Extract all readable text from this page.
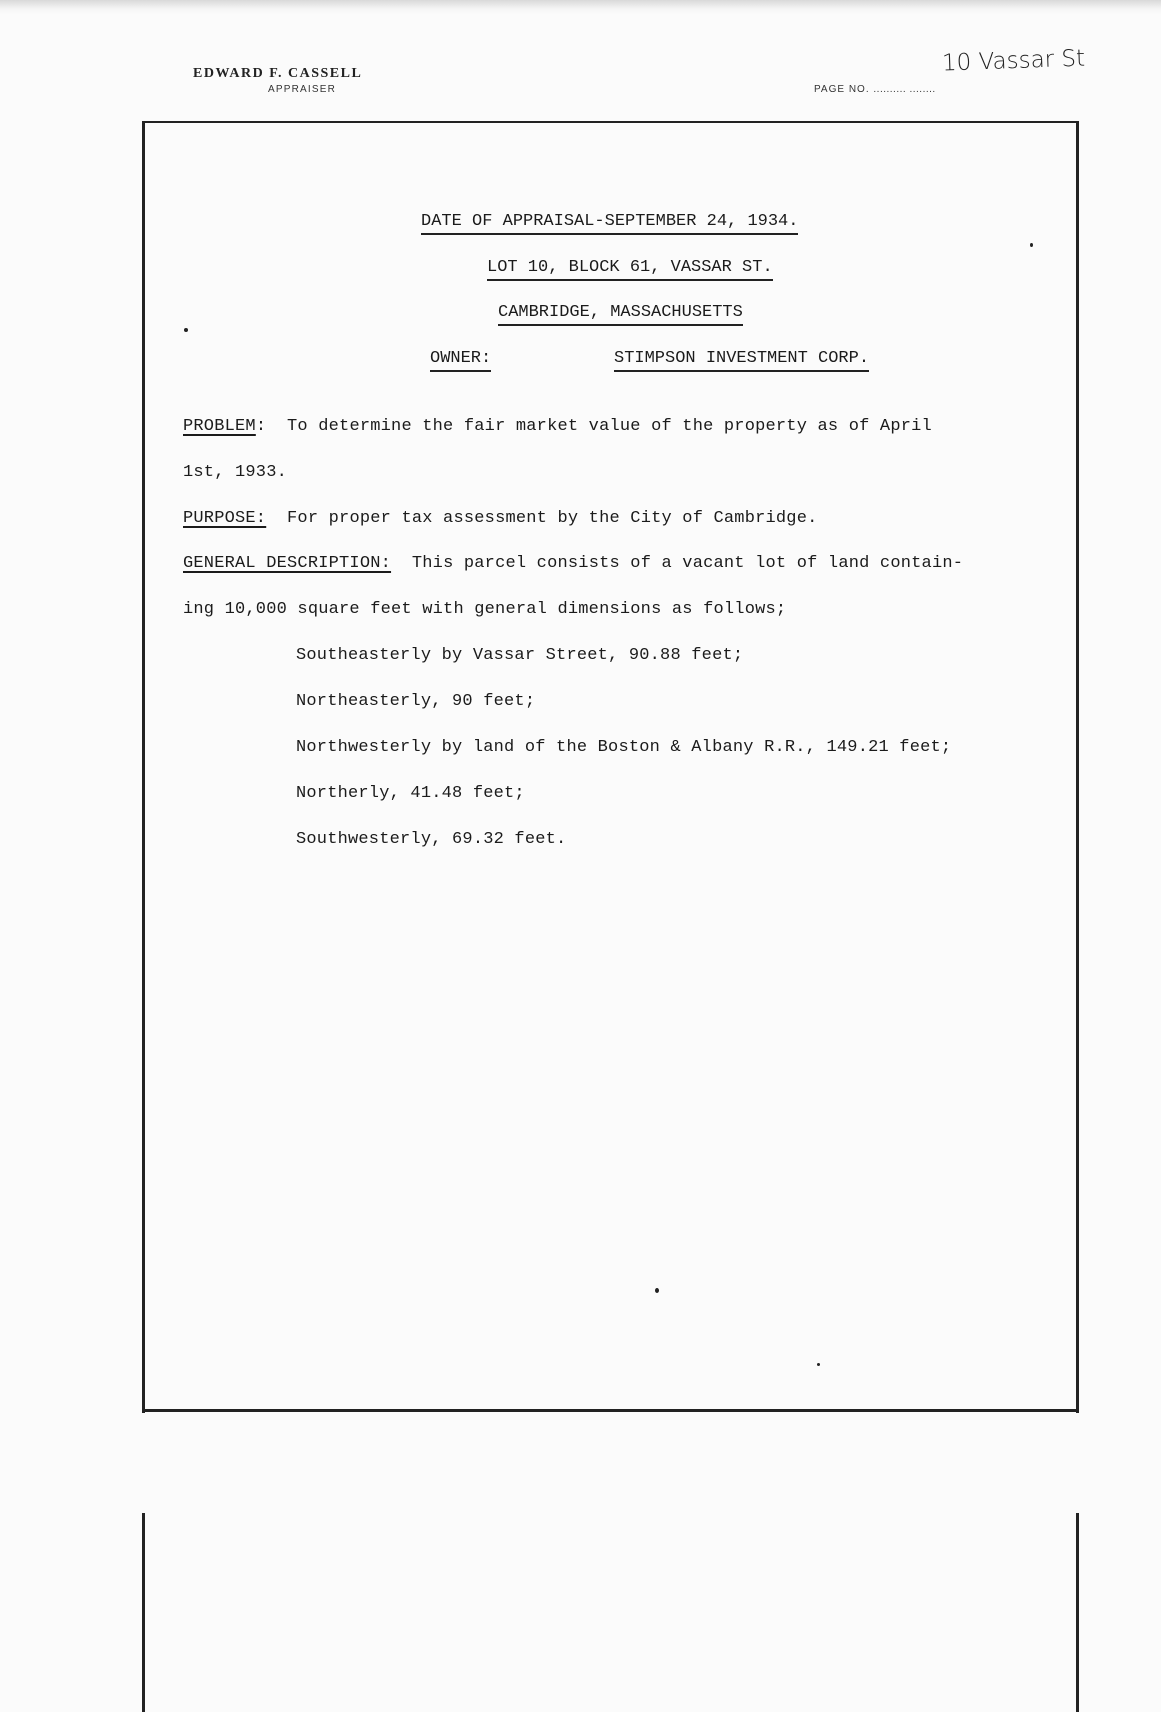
EDWARD F. CASSELL
APPRAISER	PAGE NO. .......... ........
10 Vassar St
DATE OF APPRAISAL-SEPTEMBER 24, 1934.
LOT 10, BLOCK 61, VASSAR ST.
CAMBRIDGE, MASSACHUSETTS
OWNER:	STIMPSON INVESTMENT CORP.
PROBLEM: To determine the fair market value of the property as of April
1st, 1933.
PURPOSE: For proper tax assessment by the City of Cambridge.
GENERAL DESCRIPTION: This parcel consists of a vacant lot of land contain-
ing 10,000 square feet with general dimensions as follows;
Southeasterly by Vassar Street, 90.88 feet;
Northeasterly, 90 feet;
Northwesterly by land of the Boston & Albany R.R., 149.21 feet;
Northerly, 41.48 feet;
Southwesterly, 69.32 feet.
